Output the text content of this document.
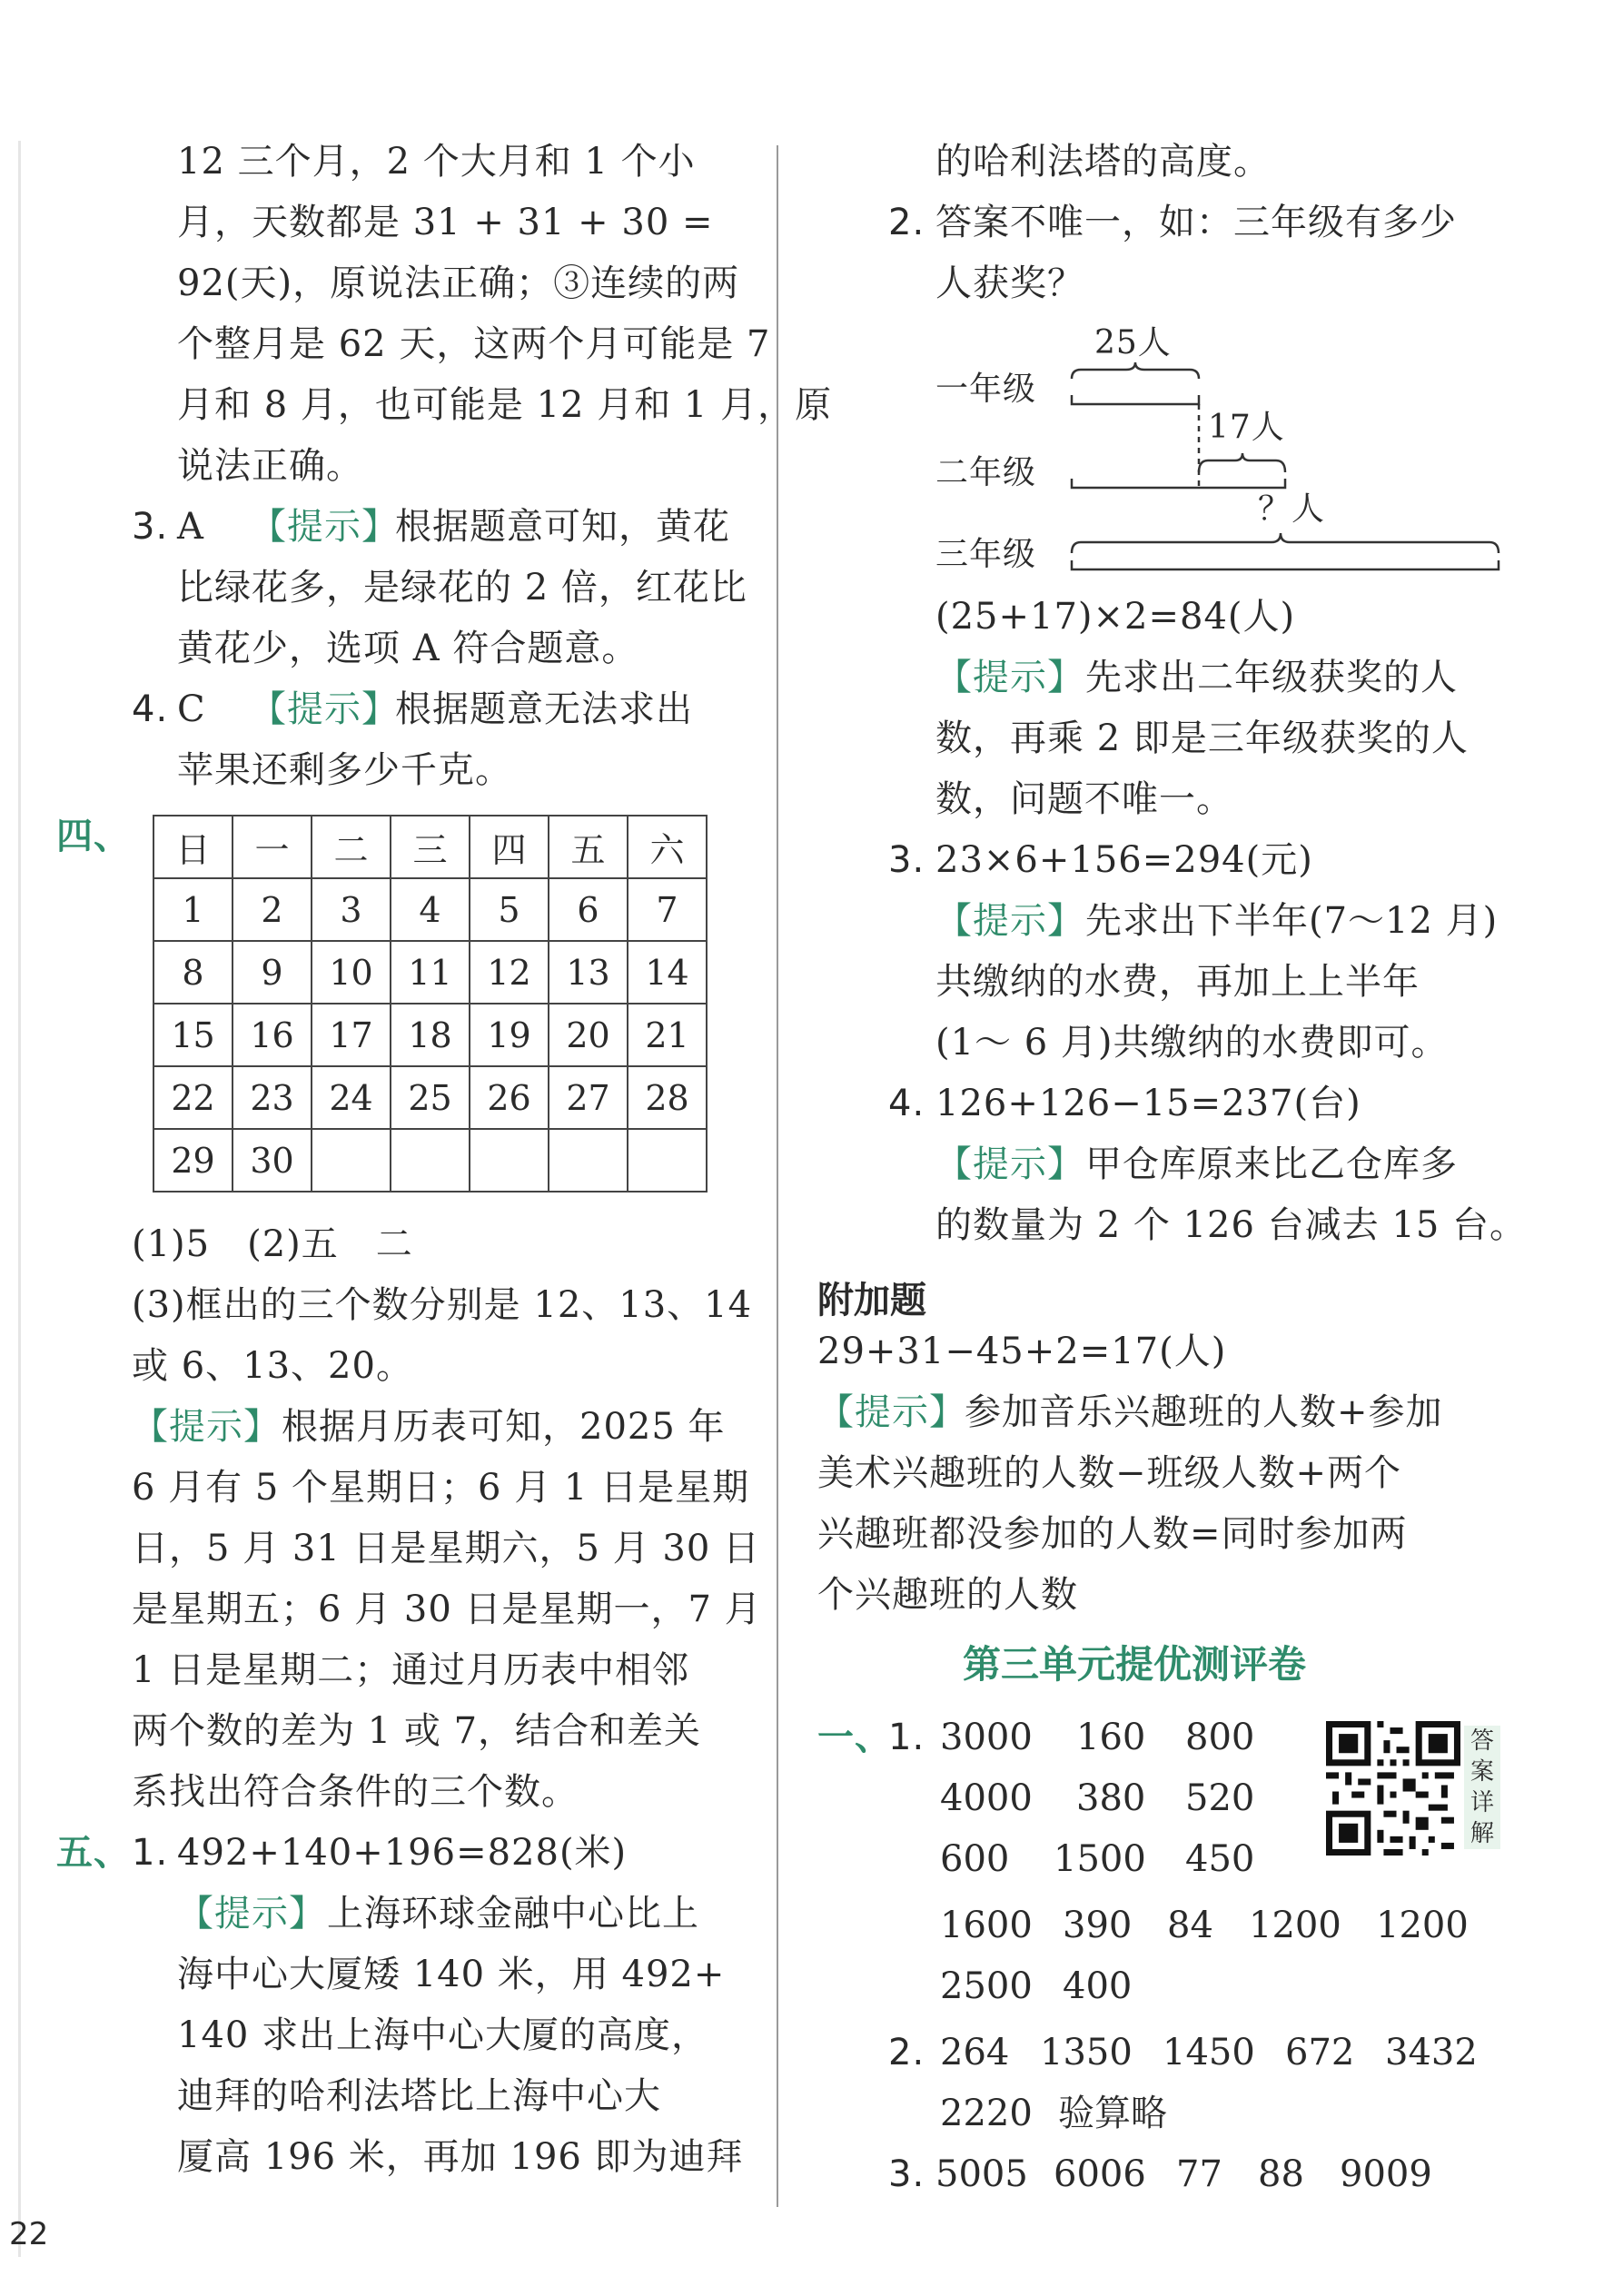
12 三个月，2 个大月和 1 个小
月，天数都是 31 + 31 + 30 =
92(天)，原说法正确；③连续的两
个整月是 62 天，这两个月可能是 7
月和 8 月，也可能是 12 月和 1 月，原
说法正确。
3. A 【提示】
根据题意可知，黄花
比绿花多，是绿花的 2 倍，红花比
黄花少，选项 A 符合题意。
4. C 【提示】
根据题意无法求出
苹果还剩多少千克。
四、 日	一	二	三	四	五	六
1	2	3	4	5	6	7
8	9	10	11	12	13	14
15	16	17	18	19	20	21
22	23	24	25	26	27	28
29	30					
(1)5　(2)五　二
(3)框出的三个数分别是 12、13、14
或 6、13、20。
【提示】 根据月历表可知，2025 年
6 月有 5 个星期日；6 月 1 日是星期
日，5 月 31 日是星期六，5 月 30 日
是星期五；6 月 30 日是星期一，7 月
1 日是星期二；通过月历表中相邻
两个数的差为 1 或 7，结合和差关
系找出符合条件的三个数。
五、 1. 492+140+196=828(米)
【提示】 上海环球金融中心比上
海中心大厦矮 140 米，用 492+
140 求出上海中心大厦的高度，
迪拜的哈利法塔比上海中心大
厦高 196 米，再加 196 即为迪拜
的哈利法塔的高度。
2. 答案不唯一，如：三年级有多少
人获奖？
一年级
二年级
三年级
25人
17人
？人
(25+17)×2=84(人)
【提示】 先求出二年级获奖的人
数，再乘 2 即是三年级获奖的人
数，问题不唯一。
3. 23×6+156=294(元)
【提示】 先求出下半年(7～12 月)
共缴纳的水费，再加上上半年
(1～ 6 月)共缴纳的水费即可。
4. 126+126−15=237(台)
【提示】 甲仓库原来比乙仓库多
的数量为 2 个 126 台减去 15 台。
附加题
29+31−45+2=17(人)
【提示】
参加音乐兴趣班的人数+参加
美术兴趣班的人数−班级人数+两个
兴趣班都没参加的人数=同时参加两
个兴趣班的人数
第三单元提优测评卷
答
案
详
解
一、
1. 3000 160 800
4000 380 520
600 1500 450
1600 390 84 1200 1200
2500 400
2. 264 1350 1450 672 3432
2220 验算略
3. 5005 6006 77 88 9009
22
